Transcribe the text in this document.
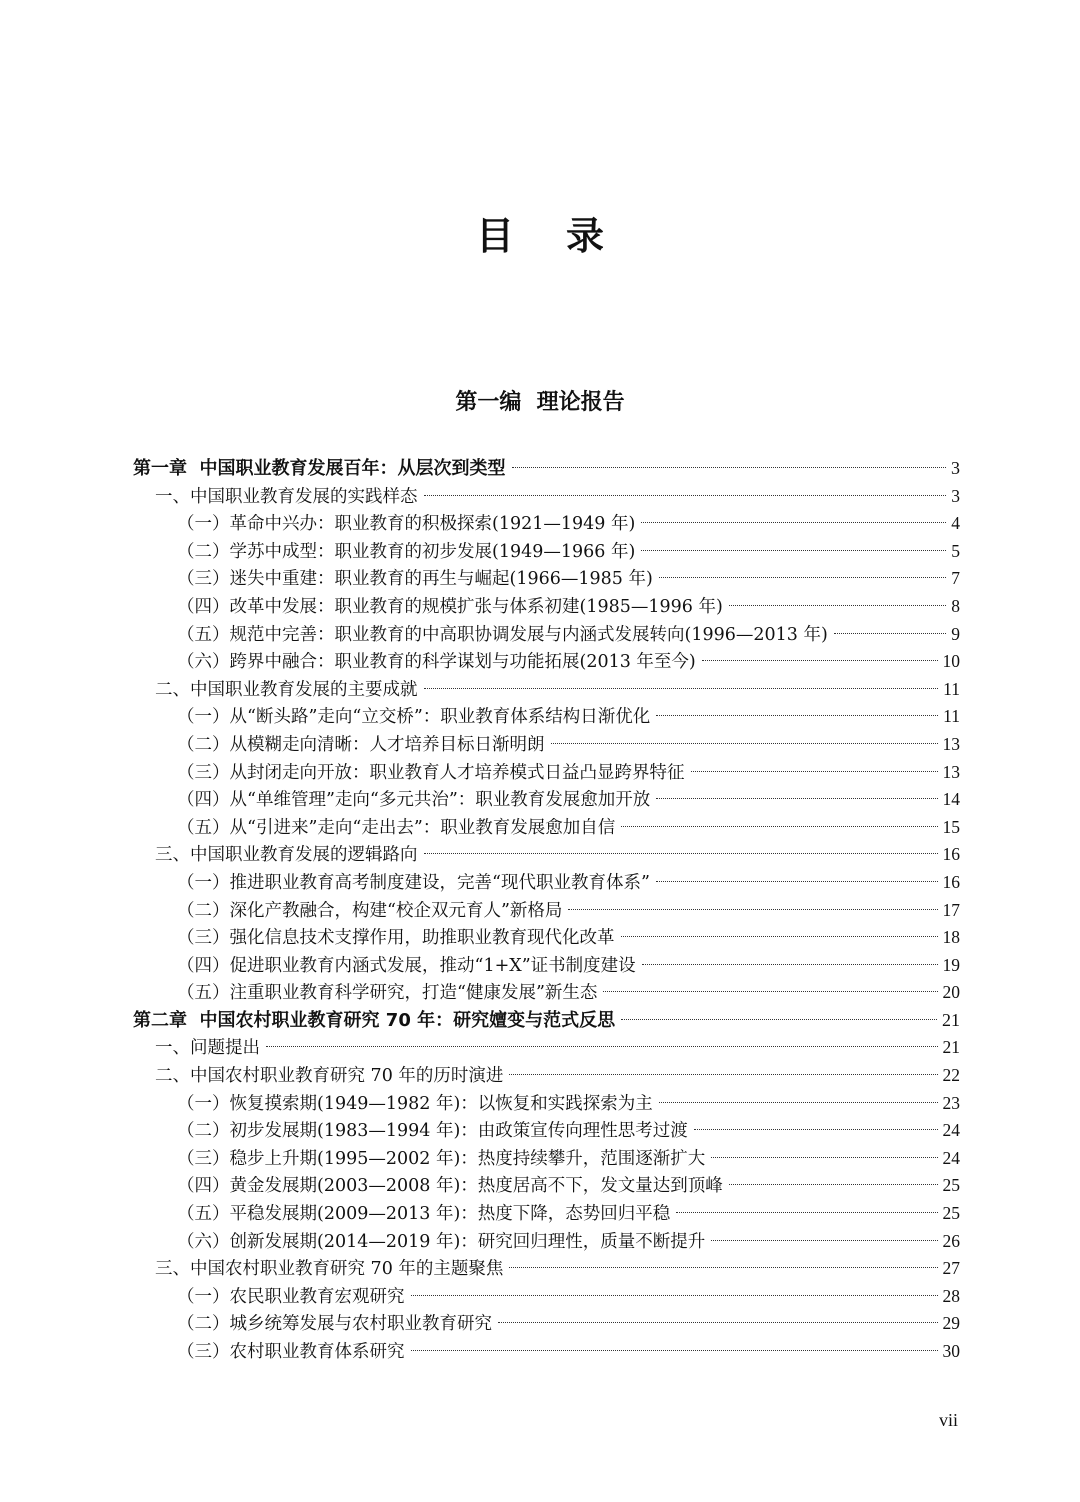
目录
第一编  理论报告
第一章  中国职业教育发展百年：从层次到类型	3
一、中国职业教育发展的实践样态	3
（一）革命中兴办：职业教育的积极探索(1921—1949 年)	4
（二）学苏中成型：职业教育的初步发展(1949—1966 年)	5
（三）迷失中重建：职业教育的再生与崛起(1966—1985 年)	7
（四）改革中发展：职业教育的规模扩张与体系初建(1985—1996 年)	8
（五）规范中完善：职业教育的中高职协调发展与内涵式发展转向(1996—2013 年)	9
（六）跨界中融合：职业教育的科学谋划与功能拓展(2013 年至今)	10
二、中国职业教育发展的主要成就	11
（一）从“断头路”走向“立交桥”：职业教育体系结构日渐优化	11
（二）从模糊走向清晰：人才培养目标日渐明朗	13
（三）从封闭走向开放：职业教育人才培养模式日益凸显跨界特征	13
（四）从“单维管理”走向“多元共治”：职业教育发展愈加开放	14
（五）从“引进来”走向“走出去”：职业教育发展愈加自信	15
三、中国职业教育发展的逻辑路向	16
（一）推进职业教育高考制度建设，完善“现代职业教育体系”	16
（二）深化产教融合，构建“校企双元育人”新格局	17
（三）强化信息技术支撑作用，助推职业教育现代化改革	18
（四）促进职业教育内涵式发展，推动“1+X”证书制度建设	19
（五）注重职业教育科学研究，打造“健康发展”新生态	20
第二章  中国农村职业教育研究 70 年：研究嬗变与范式反思	21
一、问题提出	21
二、中国农村职业教育研究 70 年的历时演进	22
（一）恢复摸索期(1949—1982 年)：以恢复和实践探索为主	23
（二）初步发展期(1983—1994 年)：由政策宣传向理性思考过渡	24
（三）稳步上升期(1995—2002 年)：热度持续攀升，范围逐渐扩大	24
（四）黄金发展期(2003—2008 年)：热度居高不下，发文量达到顶峰	25
（五）平稳发展期(2009—2013 年)：热度下降，态势回归平稳	25
（六）创新发展期(2014—2019 年)：研究回归理性，质量不断提升	26
三、中国农村职业教育研究 70 年的主题聚焦	27
（一）农民职业教育宏观研究	28
（二）城乡统筹发展与农村职业教育研究	29
（三）农村职业教育体系研究	30
vii
